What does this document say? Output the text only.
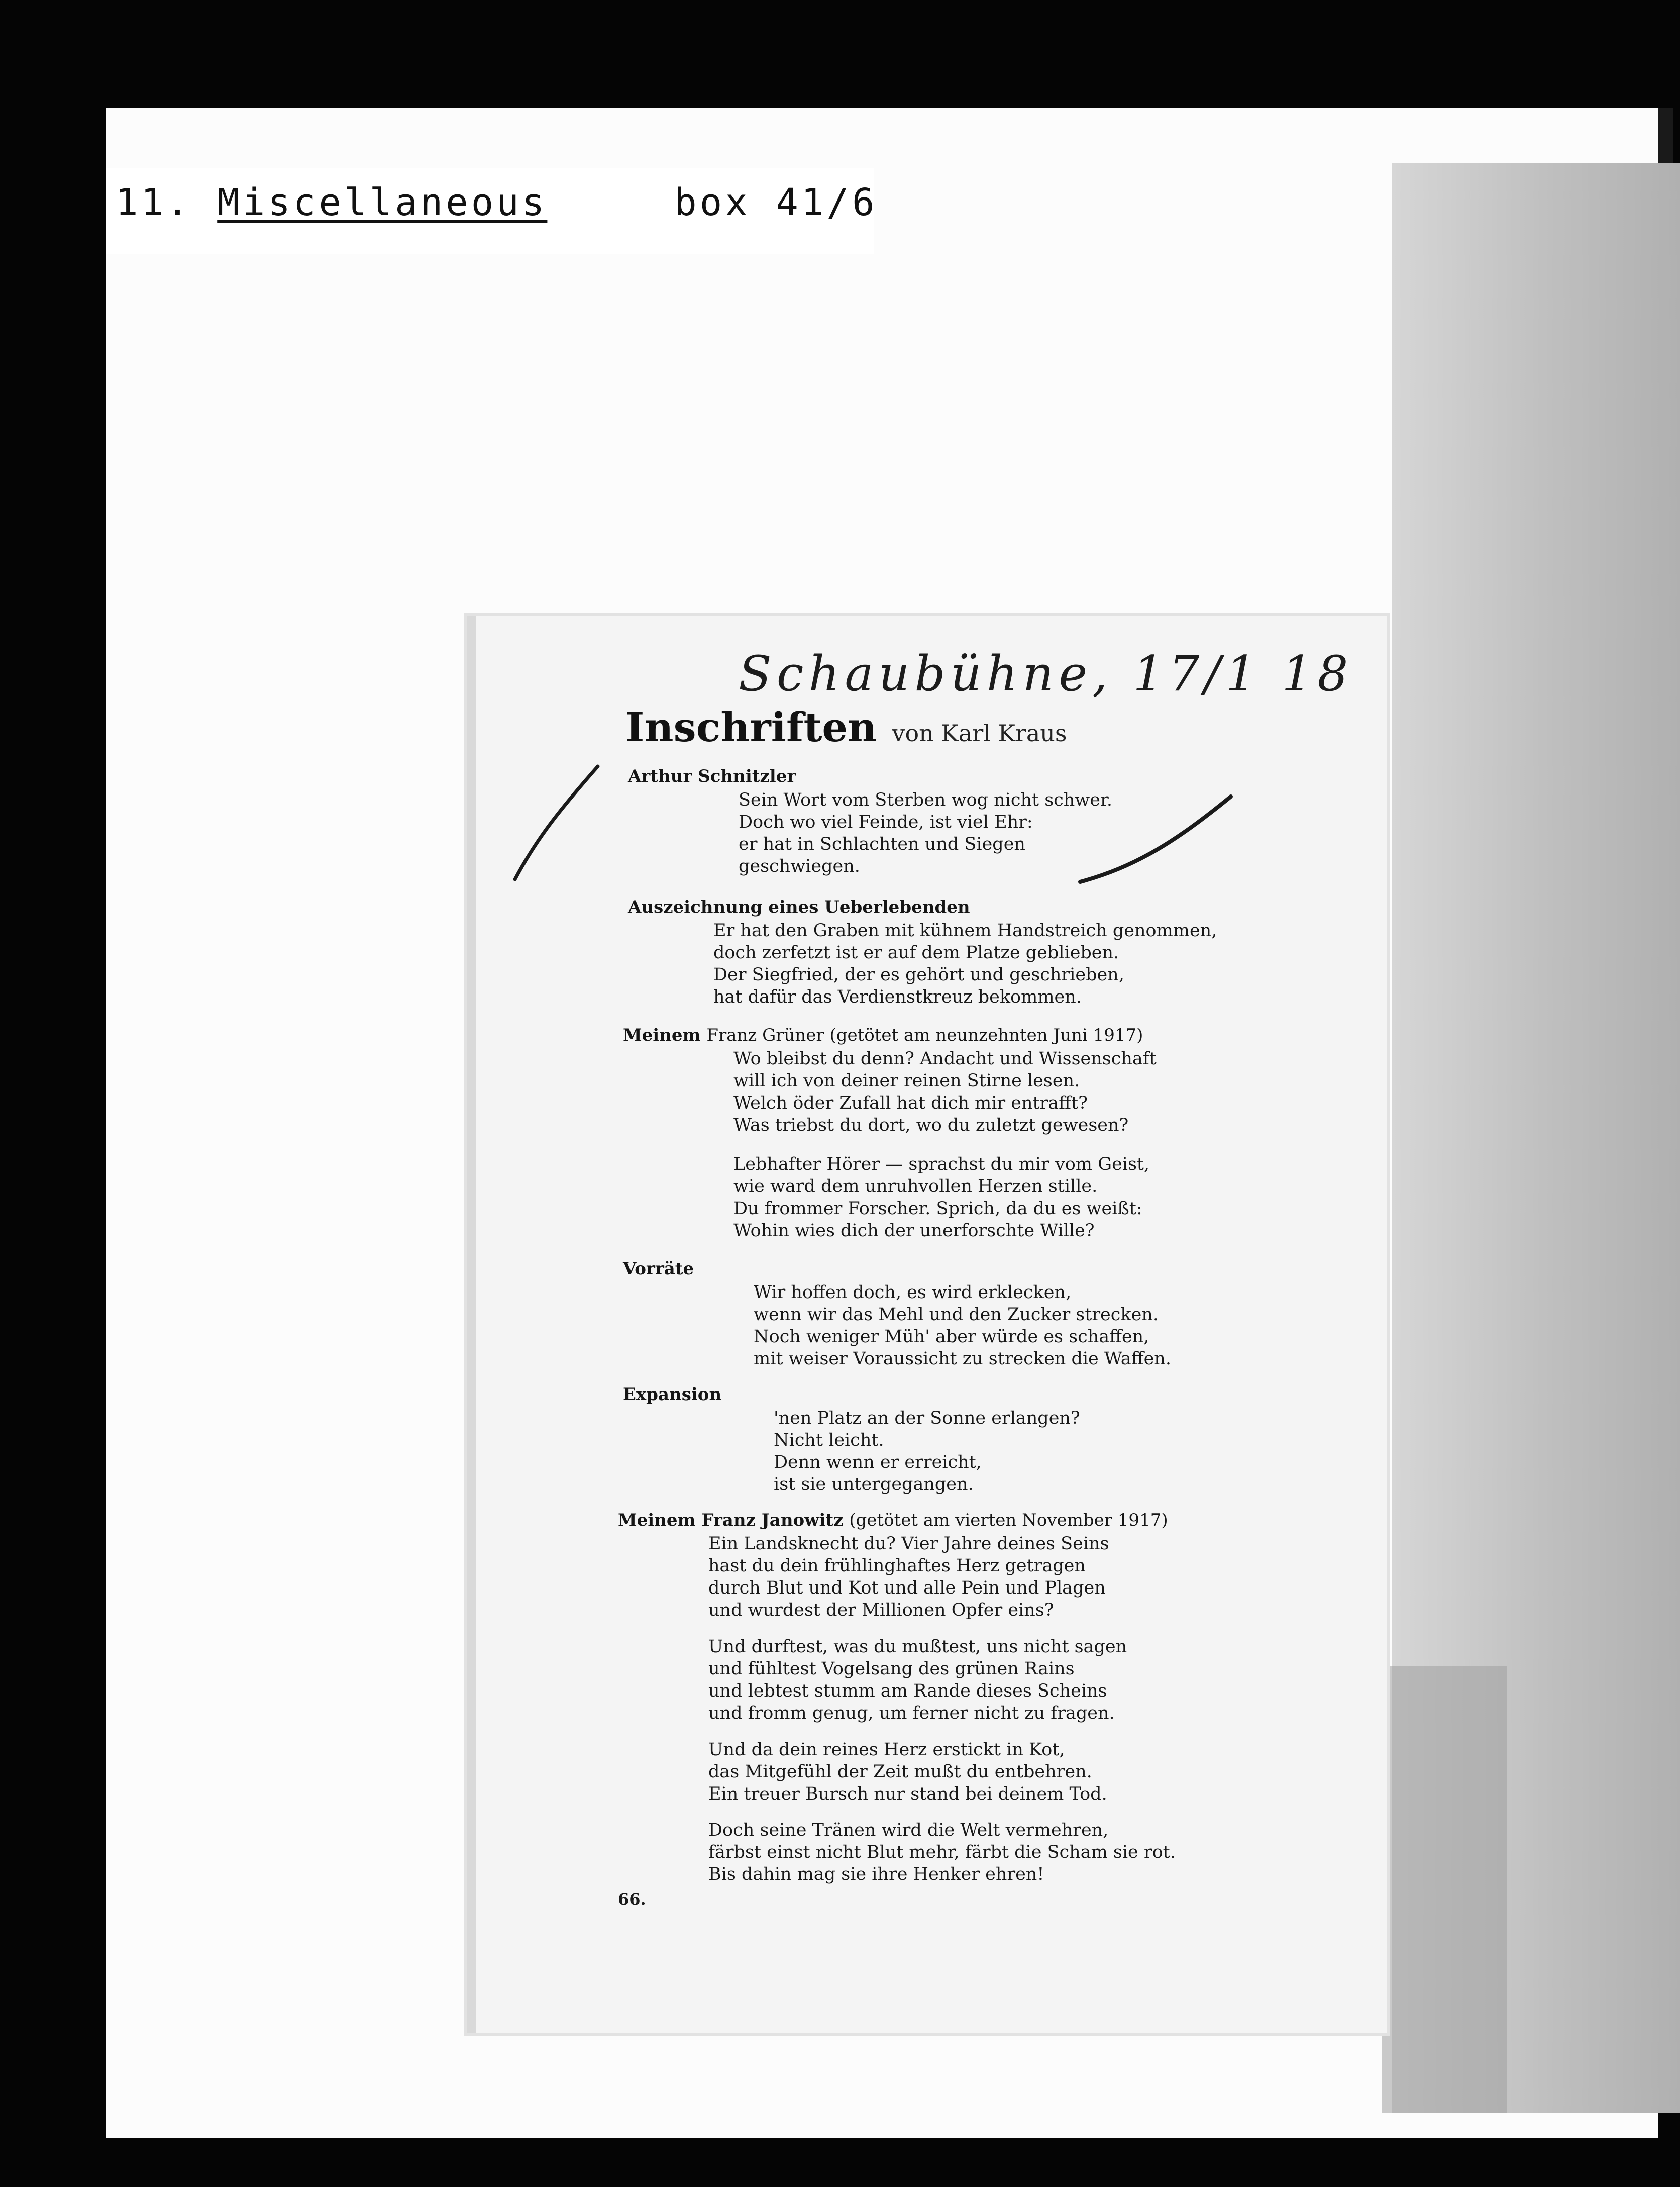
11. Miscellaneous	box 41/6
Schaubühne, 17/1 18
Inschriften von Karl Kraus
Arthur Schnitzler
Sein Wort vom Sterben wog nicht schwer.
Doch wo viel Feinde, ist viel Ehr:
er hat in Schlachten und Siegen
geschwiegen.
Auszeichnung eines Ueberlebenden
Er hat den Graben mit kühnem Handstreich genommen,
doch zerfetzt ist er auf dem Platze geblieben.
Der Siegfried, der es gehört und geschrieben,
hat dafür das Verdienstkreuz bekommen.
Meinem Franz Grüner (getötet am neunzehnten Juni 1917)
Wo bleibst du denn? Andacht und Wissenschaft
will ich von deiner reinen Stirne lesen.
Welch öder Zufall hat dich mir entrafft?
Was triebst du dort, wo du zuletzt gewesen?
Lebhafter Hörer — sprachst du mir vom Geist,
wie ward dem unruhvollen Herzen stille.
Du frommer Forscher. Sprich, da du es weißt:
Wohin wies dich der unerforschte Wille?
Vorräte
Wir hoffen doch, es wird erklecken,
wenn wir das Mehl und den Zucker strecken.
Noch weniger Müh' aber würde es schaffen,
mit weiser Voraussicht zu strecken die Waffen.
Expansion
'nen Platz an der Sonne erlangen?
Nicht leicht.
Denn wenn er erreicht,
ist sie untergegangen.
Meinem Franz Janowitz (getötet am vierten November 1917)
Ein Landsknecht du? Vier Jahre deines Seins
hast du dein frühlinghaftes Herz getragen
durch Blut und Kot und alle Pein und Plagen
und wurdest der Millionen Opfer eins?
Und durftest, was du mußtest, uns nicht sagen
und fühltest Vogelsang des grünen Rains
und lebtest stumm am Rande dieses Scheins
und fromm genug, um ferner nicht zu fragen.
Und da dein reines Herz erstickt in Kot,
das Mitgefühl der Zeit mußt du entbehren.
Ein treuer Bursch nur stand bei deinem Tod.
Doch seine Tränen wird die Welt vermehren,
färbst einst nicht Blut mehr, färbt die Scham sie rot.
Bis dahin mag sie ihre Henker ehren!
66.
